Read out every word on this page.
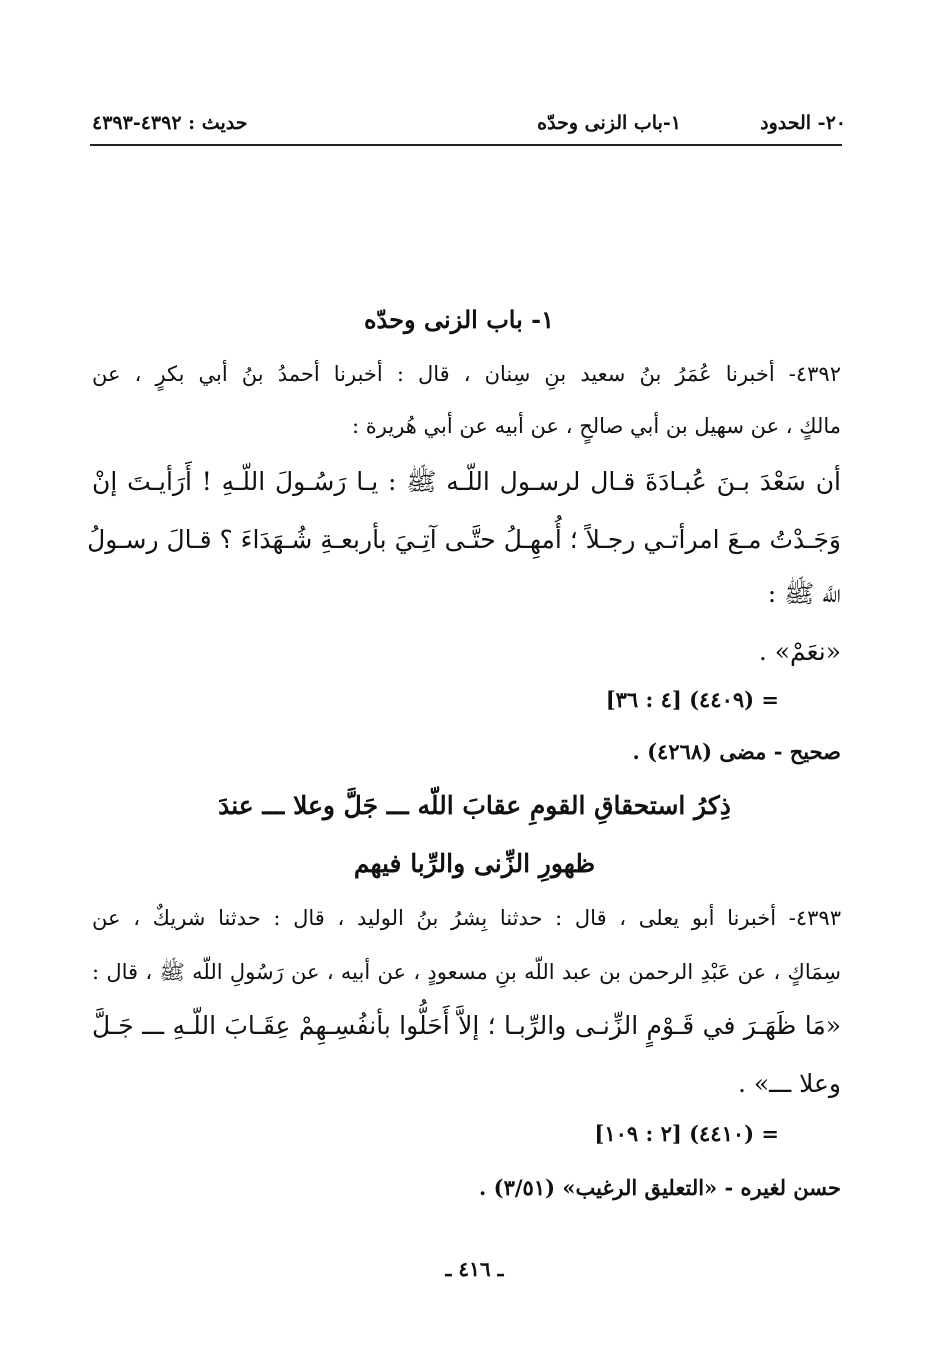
٢٠- الحدود
١-باب الزنى وحدّه
حديث : ٤٣٩٢-٤٣٩٣
١- باب الزنى وحدّه
٤٣٩٢- أخبرنا عُمَرُ بنُ سعيد بنِ سِنان ، قال : أخبرنا أحمدُ بنُ أبي بكرٍ ، عن
مالكٍ ، عن سهيل بن أبي صالحٍ ، عن أبيه عن أبي هُريرة :
أن سَعْدَ بـنَ عُبـادَةَ قـال لرسـول اللّـه ﷺ : يـا رَسُـولَ اللّـهِ ! أَرَأيـتَ إنْ
وَجَـدْتُ مـعَ امرأتـي رجـلاً ؛ أُمهِـلُ حتَّـى آتِـيَ بأربعـةِ شُـهَدَاءَ ؟ قـالَ رسـولُ
اللَّه ﷺ :
«نعَمْ» .
= (٤٤٠٩) [٤ : ٣٦]
صحيح - مضى (٤٢٦٨) .
ذِكرُ استحقاقِ القومِ عقابَ اللّه ـــ جَلَّ وعلا ـــ عندَ
ظهورِ الزِّنى والرِّبا فيهم
٤٣٩٣- أخبرنا أبو يعلى ، قال : حدثنا بِشرُ بنُ الوليد ، قال : حدثنا شريكٌ ، عن
سِمَاكٍ ، عن عَبْدِ الرحمن بن عبد اللّه بنِ مسعودٍ ، عن أبيه ، عن رَسُولِ اللّه ﷺ ، قال :
«مَا ظَهَـرَ في قَـوْمٍ الزِّنـى والرِّبـا ؛ إلاَّ أَحَلُّوا بأنفُسِـهِمْ عِقَـابَ اللّـهِ ـــ جَـلَّ
وعلا ـــ» .
= (٤٤١٠) [٢ : ١٠٩]
حسن لغيره - «التعليق الرغيب» (٣/٥١) .
ـ ٤١٦ ـ
